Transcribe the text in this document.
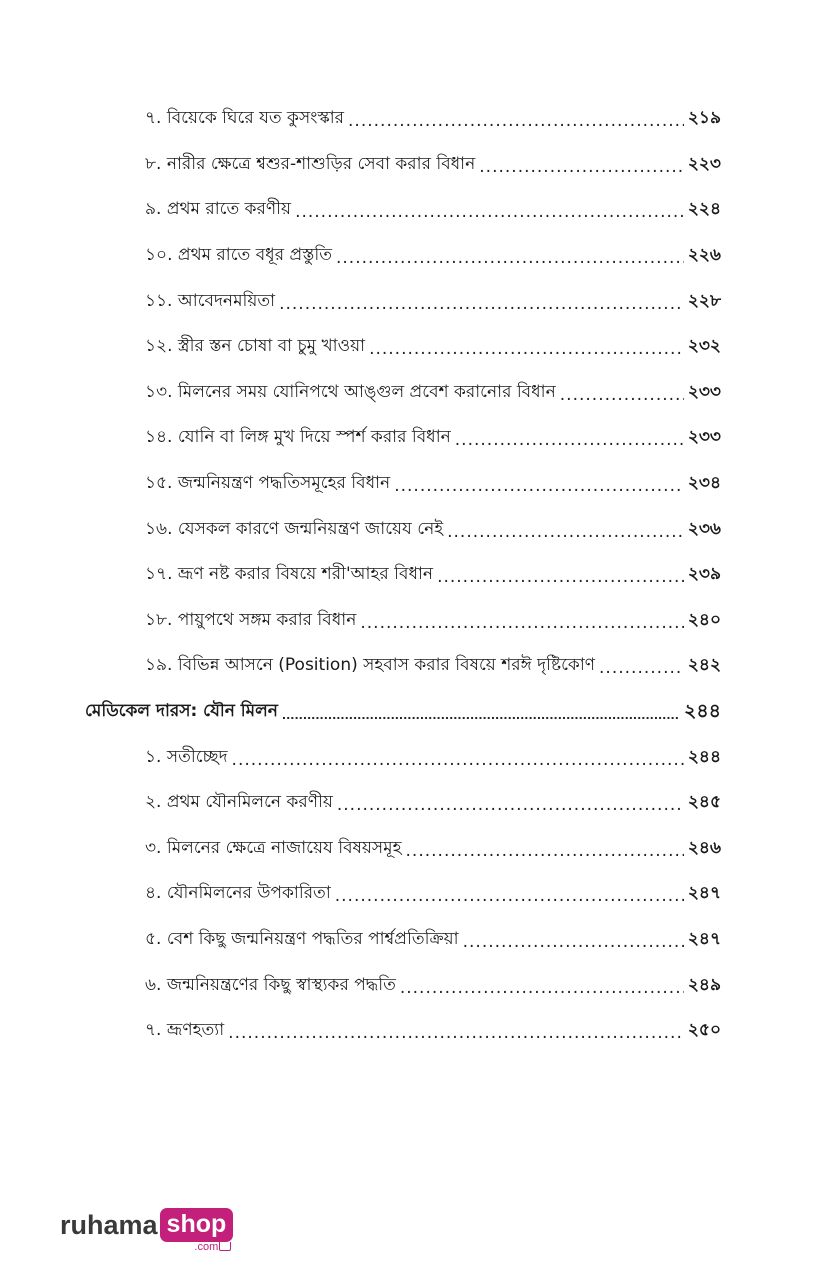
৭. বিয়েকে ঘিরে যত কুসংস্কার .....	২১৯
৮. নারীর ক্ষেত্রে শ্বশুর-শাশুড়ির সেবা করার বিধান .....	২২৩
৯. প্রথম রাতে করণীয় .....	২২৪
১০. প্রথম রাতে বধূর প্রস্তুতি .....	২২৬
১১. আবেদনময়িতা .....	২২৮
১২. স্ত্রীর স্তন চোষা বা চুমু খাওয়া .....	২৩২
১৩. মিলনের সময় যোনিপথে আঙ্গুল প্রবেশ করানোর বিধান .....	২৩৩
১৪. যোনি বা লিঙ্গ মুখ দিয়ে স্পর্শ করার বিধান .....	২৩৩
১৫. জন্মনিয়ন্ত্রণ পদ্ধতিসমূহের বিধান .....	২৩৪
১৬. যেসকল কারণে জন্মনিয়ন্ত্রণ জায়েয নেই .....	২৩৬
১৭. ভ্রূণ নষ্ট করার বিষয়ে শরী'আহর বিধান .....	২৩৯
১৮. পায়ুপথে সঙ্গম করার বিধান .....	২৪০
১৯. বিভিন্ন আসনে (Position) সহবাস করার বিষয়ে শরঈ দৃষ্টিকোণ .....	২৪২
মেডিকেল দারস: যৌন মিলন .....	২৪৪
১. সতীচ্ছেদ .....	২৪৪
২. প্রথম যৌনমিলনে করণীয় .....	২৪৫
৩. মিলনের ক্ষেত্রে নাজায়েয বিষয়সমূহ .....	২৪৬
৪. যৌনমিলনের উপকারিতা .....	২৪৭
৫. বেশ কিছু জন্মনিয়ন্ত্রণ পদ্ধতির পার্শ্বপ্রতিক্রিয়া .....	২৪৭
৬. জন্মনিয়ন্ত্রণের কিছু স্বাস্থ্যকর পদ্ধতি .....	২৪৯
৭. ভ্রূণহত্যা .....	২৫০
ruhama shop
.com
